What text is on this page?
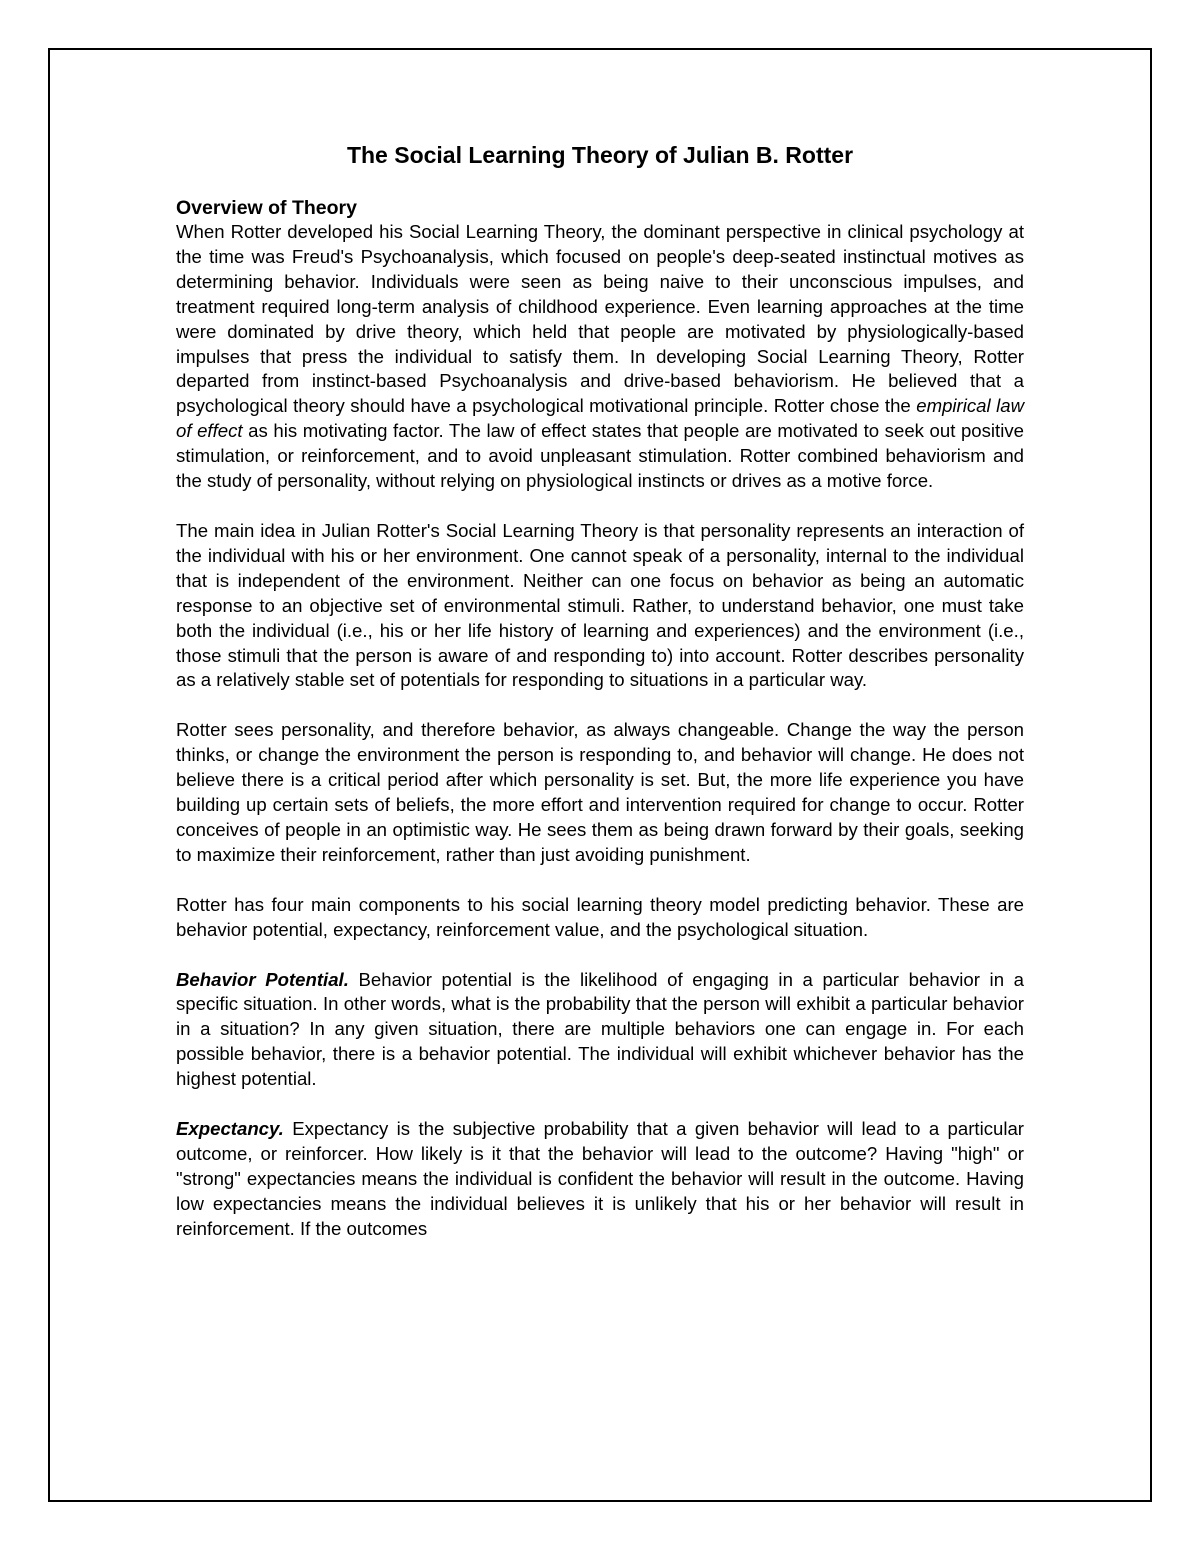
The Social Learning Theory of Julian B. Rotter
Overview of Theory

When Rotter developed his Social Learning Theory, the dominant perspective in clinical psychology at the time was Freud's Psychoanalysis, which focused on people's deep-seated instinctual motives as determining behavior. Individuals were seen as being naive to their unconscious impulses, and treatment required long-term analysis of childhood experience. Even learning approaches at the time were dominated by drive theory, which held that people are motivated by physiologically-based impulses that press the individual to satisfy them. In developing Social Learning Theory, Rotter departed from instinct-based Psychoanalysis and drive-based behaviorism. He believed that a psychological theory should have a psychological motivational principle. Rotter chose the empirical law of effect as his motivating factor. The law of effect states that people are motivated to seek out positive stimulation, or reinforcement, and to avoid unpleasant stimulation. Rotter combined behaviorism and the study of personality, without relying on physiological instincts or drives as a motive force.

The main idea in Julian Rotter's Social Learning Theory is that personality represents an interaction of the individual with his or her environment. One cannot speak of a personality, internal to the individual that is independent of the environment. Neither can one focus on behavior as being an automatic response to an objective set of environmental stimuli. Rather, to understand behavior, one must take both the individual (i.e., his or her life history of learning and experiences) and the environment (i.e., those stimuli that the person is aware of and responding to) into account. Rotter describes personality as a relatively stable set of potentials for responding to situations in a particular way.

Rotter sees personality, and therefore behavior, as always changeable. Change the way the person thinks, or change the environment the person is responding to, and behavior will change. He does not believe there is a critical period after which personality is set. But, the more life experience you have building up certain sets of beliefs, the more effort and intervention required for change to occur. Rotter conceives of people in an optimistic way. He sees them as being drawn forward by their goals, seeking to maximize their reinforcement, rather than just avoiding punishment.

Rotter has four main components to his social learning theory model predicting behavior. These are behavior potential, expectancy, reinforcement value, and the psychological situation.

Behavior Potential. Behavior potential is the likelihood of engaging in a particular behavior in a specific situation. In other words, what is the probability that the person will exhibit a particular behavior in a situation? In any given situation, there are multiple behaviors one can engage in. For each possible behavior, there is a behavior potential. The individual will exhibit whichever behavior has the highest potential.

Expectancy. Expectancy is the subjective probability that a given behavior will lead to a particular outcome, or reinforcer. How likely is it that the behavior will lead to the outcome? Having "high" or "strong" expectancies means the individual is confident the behavior will result in the outcome. Having low expectancies means the individual believes it is unlikely that his or her behavior will result in reinforcement. If the outcomes
